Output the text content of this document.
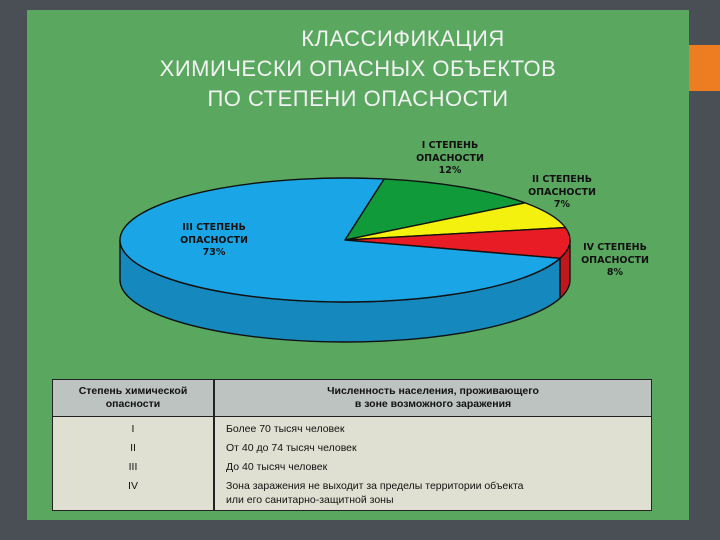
КЛАССИФИКАЦИЯ
ХИМИЧЕСКИ ОПАСНЫХ ОБЪЕКТОВ
ПО СТЕПЕНИ ОПАСНОСТИ
I СТЕПЕНЬ
ОПАСНОСТИ
12%
II СТЕПЕНЬ
ОПАСНОСТИ
7%
IV СТЕПЕНЬ
ОПАСНОСТИ
8%
III СТЕПЕНЬ
ОПАСНОСТИ
73%
Степень химической
опасности
Численность населения, проживающего
в зоне возможного заражения
I	Более 70 тысяч человек
II	От 40 до 74 тысяч человек
III	До 40 тысяч человек
IV	Зона заражения не выходит за пределы территории объекта
или его санитарно-защитной зоны
